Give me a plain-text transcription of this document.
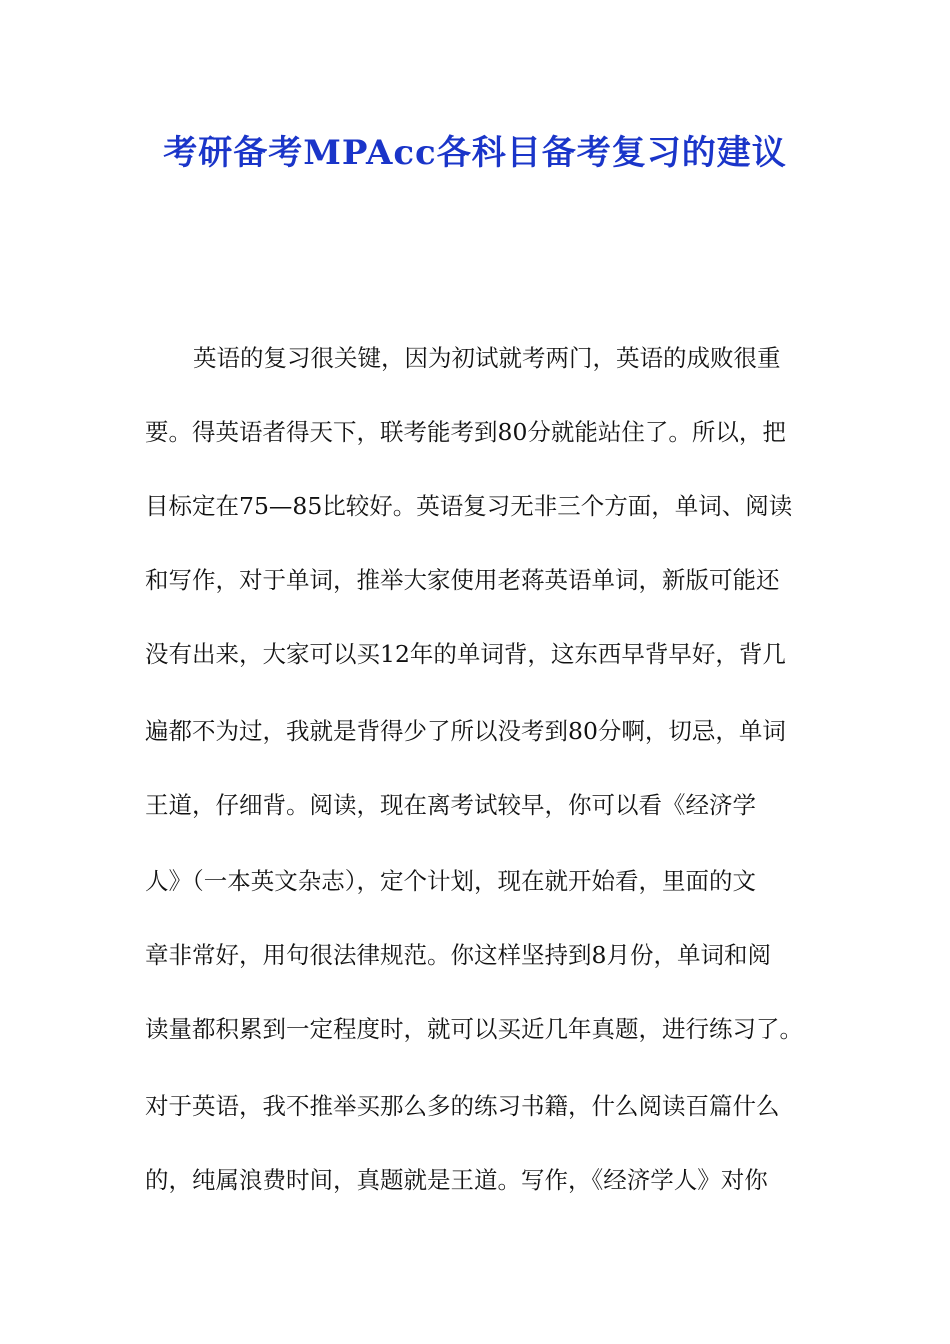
考研备考MPAcc各科目备考复习的建议
英语的复习很关键，因为初试就考两门，英语的成败很重
要。得英语者得天下，联考能考到80分就能站住了。所以，把
目标定在75—85比较好。英语复习无非三个方面，单词、阅读
和写作，对于单词，推举大家使用老蒋英语单词，新版可能还
没有出来，大家可以买12年的单词背，这东西早背早好，背几
遍都不为过，我就是背得少了所以没考到80分啊，切忌，单词
王道，仔细背。阅读，现在离考试较早，你可以看《经济学
人》（一本英文杂志），定个计划，现在就开始看，里面的文
章非常好，用句很法律规范。你这样坚持到8月份，单词和阅
读量都积累到一定程度时，就可以买近几年真题，进行练习了。
对于英语，我不推举买那么多的练习书籍，什么阅读百篇什么
的，纯属浪费时间，真题就是王道。写作，《经济学人》对你
